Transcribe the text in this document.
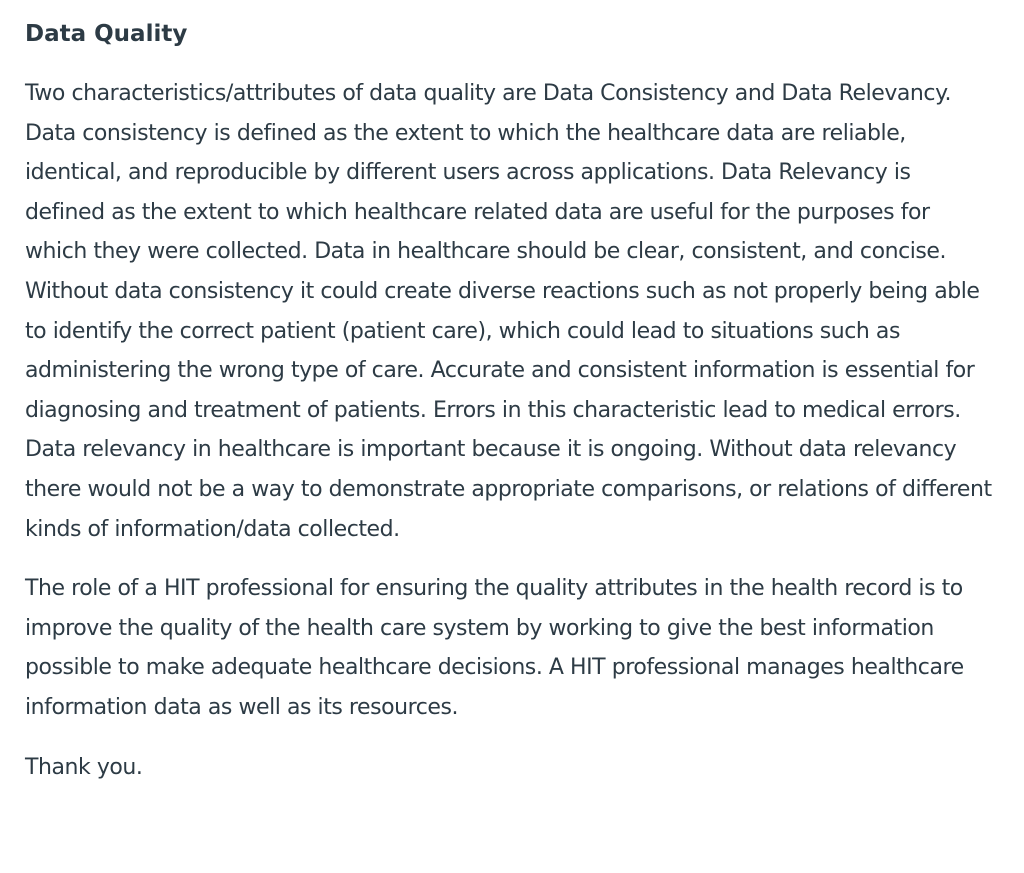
Data Quality

Two characteristics/attributes of data quality are Data Consistency and Data Relevancy. Data consistency is defined as the extent to which the healthcare data are reliable, identical, and reproducible by different users across applications. Data Relevancy is defined as the extent to which healthcare related data are useful for the purposes for which they were collected. Data in healthcare should be clear, consistent, and concise. Without data consistency it could create diverse reactions such as not properly being able to identify the correct patient (patient care), which could lead to situations such as administering the wrong type of care. Accurate and consistent information is essential for diagnosing and treatment of patients. Errors in this characteristic lead to medical errors. Data relevancy in healthcare is important because it is ongoing. Without data relevancy there would not be a way to demonstrate appropriate comparisons, or relations of different kinds of information/data collected.

The role of a HIT professional for ensuring the quality attributes in the health record is to improve the quality of the health care system by working to give the best information possible to make adequate healthcare decisions. A HIT professional manages healthcare information data as well as its resources.

Thank you.
